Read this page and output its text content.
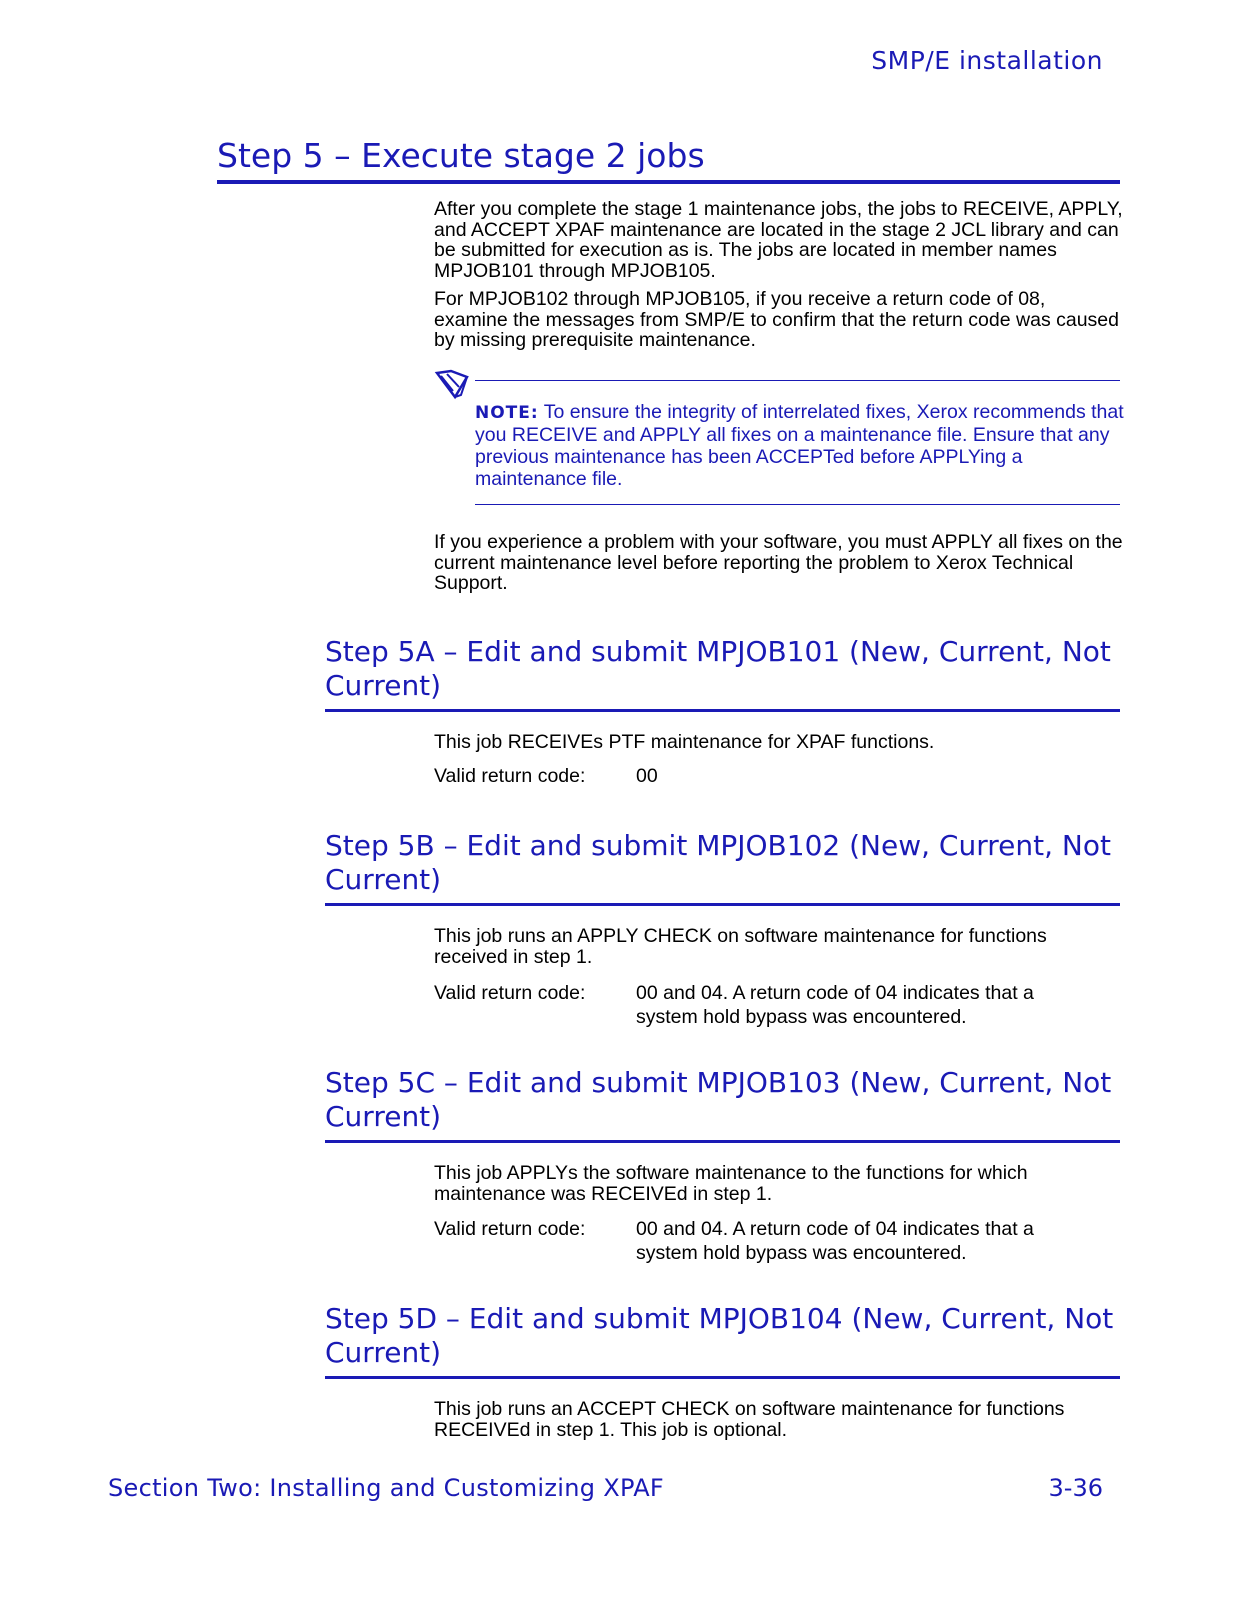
SMP/E installation
Step 5 – Execute stage 2 jobs
After you complete the stage 1 maintenance jobs, the jobs to RECEIVE, APPLY, and ACCEPT XPAF maintenance are located in the stage 2 JCL library and can be submitted for execution as is. The jobs are located in member names MPJOB101 through MPJOB105.
For MPJOB102 through MPJOB105, if you receive a return code of 08, examine the messages from SMP/E to confirm that the return code was caused by missing prerequisite maintenance.
NOTE: To ensure the integrity of interrelated fixes, Xerox recommends that you RECEIVE and APPLY all fixes on a maintenance file. Ensure that any previous maintenance has been ACCEPTed before APPLYing a maintenance file.
If you experience a problem with your software, you must APPLY all fixes on the current maintenance level before reporting the problem to Xerox Technical Support.
Step 5A – Edit and submit MPJOB101 (New, Current, Not Current)
This job RECEIVEs PTF maintenance for XPAF functions.
Valid return code:	00
Step 5B – Edit and submit MPJOB102 (New, Current, Not Current)
This job runs an APPLY CHECK on software maintenance for functions received in step 1.
Valid return code:	00 and 04. A return code of 04 indicates that a system hold bypass was encountered.
Step 5C – Edit and submit MPJOB103 (New, Current, Not Current)
This job APPLYs the software maintenance to the functions for which maintenance was RECEIVEd in step 1.
Valid return code:	00 and 04. A return code of 04 indicates that a system hold bypass was encountered.
Step 5D – Edit and submit MPJOB104 (New, Current, Not Current)
This job runs an ACCEPT CHECK on software maintenance for functions RECEIVEd in step 1. This job is optional.
Section Two: Installing and Customizing XPAF	3-36
